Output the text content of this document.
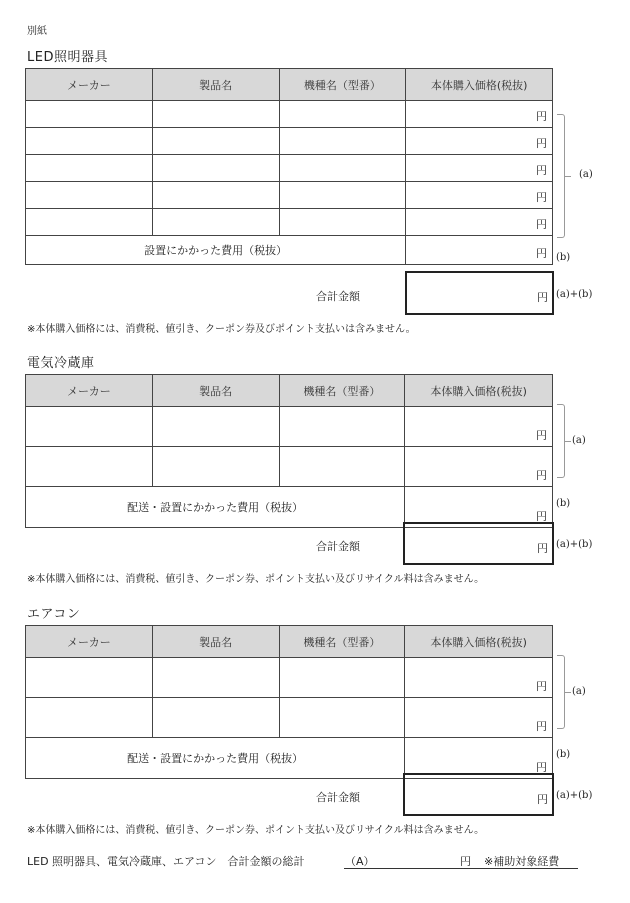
別紙
LED照明器具
メーカー	製品名	機種名（型番）	本体購入価格(税抜)
			円
			円
			円
			円
			円
設置にかかった費用（税抜）			円
(a)
(b)
合計金額	円 (a)+(b)
※本体購入価格には、消費税、値引き、クーポン券及びポイント支払いは含みません。
電気冷蔵庫
メーカー	製品名	機種名（型番）	本体購入価格(税抜)
			円
			円
配送・設置にかかった費用（税抜）			円
(a)
(b)
合計金額	円 (a)+(b)
※本体購入価格には、消費税、値引き、クーポン券、ポイント支払い及びリサイクル料は含みません。
エアコン
メーカー	製品名	機種名（型番）	本体購入価格(税抜)
			円
			円
配送・設置にかかった費用（税抜）			円
(a)
(b)
合計金額	円 (a)+(b)
※本体購入価格には、消費税、値引き、クーポン券、ポイント支払い及びリサイクル料は含みません。
LED 照明器具、電気冷蔵庫、エアコン　合計金額の総計	（A）	円 ※補助対象経費
